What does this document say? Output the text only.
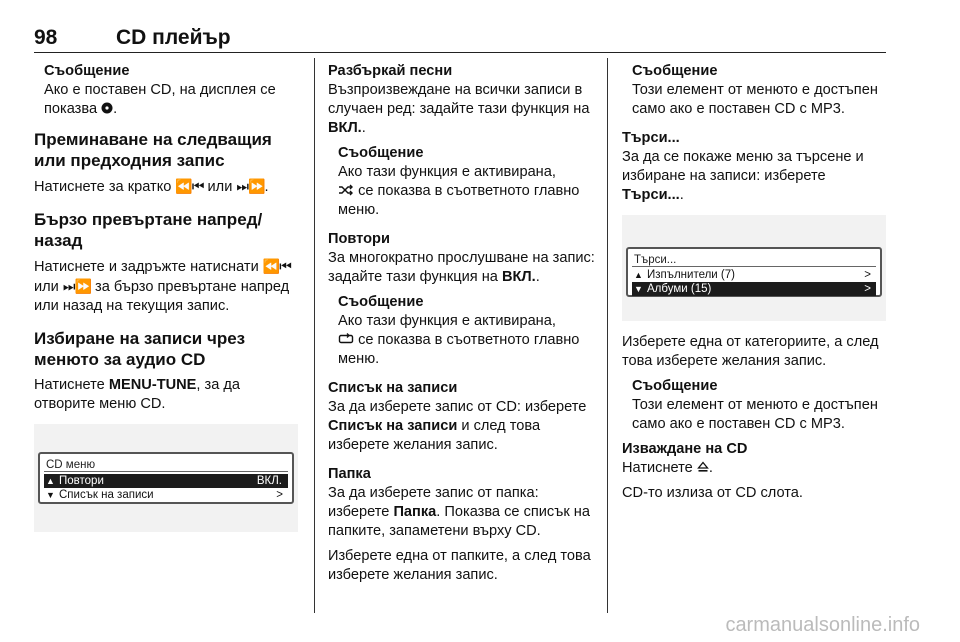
98	CD плейър
Съобщение
Ако е поставен CD, на дисплея се показва .
Преминаване на следващия или предходния запис
Натиснете за кратко ⏪⏮ или ⏭⏩.
Бързо превъртане напред/ назад
Натиснете и задръжте натиснати ⏪⏮ или ⏭⏩ за бързо превъртане напред или назад на текущия запис.
Избиране на записи чрез менюто за аудио CD
Натиснете MENU-TUNE, за да отворите меню CD.
CD меню
▲ Повтори	ВКЛ.
▼ Списък на записи	>
Разбъркай песни
Възпроизвеждане на всички записи в случаен ред: задайте тази функция на ВКЛ..
Съобщение
Ако тази функция е активирана,
се показва в съответното главно меню.
Повтори
За многократно прослушване на запис: задайте тази функция на ВКЛ..
Съобщение
Ако тази функция е активирана,
се показва в съответното главно меню.
Списък на записи
За да изберете запис от CD: изберете Списък на записи и след това изберете желания запис.
Папка
За да изберете запис от папка: изберете Папка. Показва се списък на папките, запаметени върху CD.
Изберете една от папките, а след това изберете желания запис.
Съобщение
Този елемент от менюто е достъпен само ако е поставен CD с MP3.
Търси...
За да се покаже меню за търсене и избиране на записи: изберете Търси....
Търси...
▲ Изпълнители (7)	>
▼ Албуми (15)	>
Изберете една от категориите, а след това изберете желания запис.
Съобщение
Този елемент от менюто е достъпен само ако е поставен CD с MP3.
Изваждане на CD
Натиснете .
CD-то излиза от CD слота.
carmanualsonline.info
